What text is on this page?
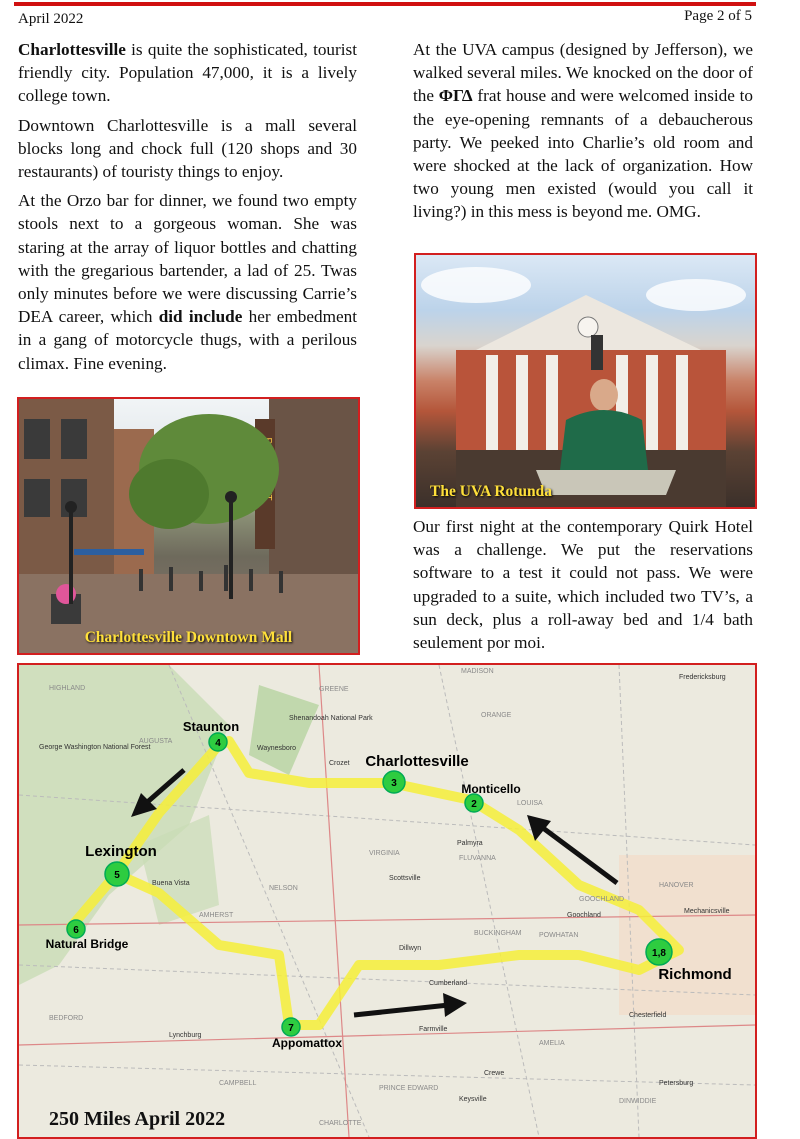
April 2022	Page 2 of 5

Charlottesville is quite the sophisticated, tourist friendly city. Population 47,000, it is a lively college town.

Downtown Charlottesville is a mall several blocks long and chock full (120 shops and 30 restaurants) of touristy things to enjoy.

At the Orzo bar for dinner, we found two empty stools next to a gorgeous woman. She was staring at the array of liquor bottles and chatting with the gregarious bartender, a lad of 25. Twas only minutes before we were discussing Carrie’s DEA career, which did include her embedment in a gang of motorcycle thugs, with a perilous climax. Fine evening.

Charlottesville Downtown Mall

At the UVA campus (designed by Jefferson), we walked several miles. We knocked on the door of the ΦΓΔ frat house and were welcomed inside to the eye-opening remnants of a debaucherous party. We peeked into Charlie’s old room and were shocked at the lack of organization. How two young men existed (would you call it living?) in this mess is beyond me. OMG.

The UVA Rotunda

Our first night at the contemporary Quirk Hotel was a challenge. We put the reservations software to a test it could not pass. We were upgraded to a suite, which included two TV’s, a sun deck, plus a roll-away bed and 1/4 bath seulement por moi.

AUGUSTA
GREENE
ORANGE
MADISON
LOUISA
FLUVANNA
BUCKINGHAM	POWHATAN
AMHERST
NELSON
CAMPBELL
BEDFORD
PRINCE EDWARD
HANOVER
AMELIA
GOOCHLAND
VIRGINIA
DINWIDDIE
CHARLOTTE
HIGHLAND
George Washington National Forest
Shenandoah National Park
Lynchburg
Farmville
Fredericksburg
Petersburg
Waynesboro
Buena Vista
Crozet
Palmyra
Scottsville
Dillwyn
Cumberland
Goochland
Mechanicsville
Chesterfield
Keysville
Crewe
4
Staunton
3
Charlottesville
2
Monticello
5
Lexington
6
Natural Bridge
7
Appomattox
1,8
Richmond
250 Miles April 2022
